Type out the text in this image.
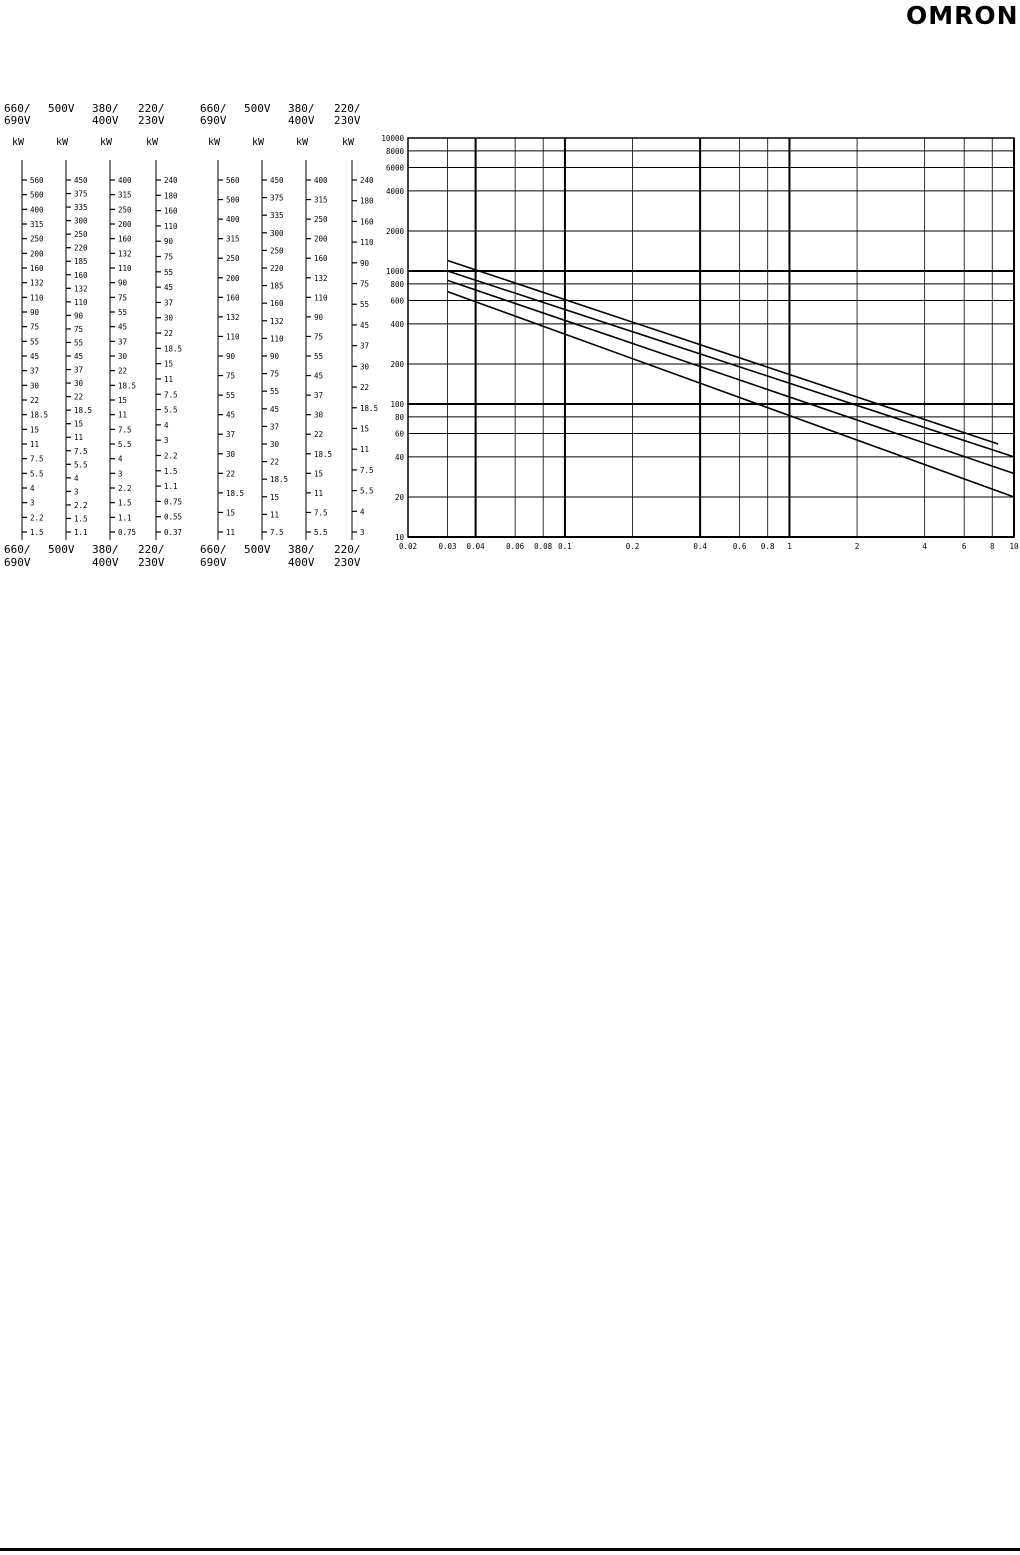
OMRON
660/
690V
kW
560
500
400
315
250
200
160
132
110
90
75
55
45
37
30
22
18.5
15
11
7.5
5.5
4
3
2.2
1.5
660/
690V
500V
kW
450
375
335
300
250
220
185
160
132
110
90
75
55
45
37
30
22
18.5
15
11
7.5
5.5
4
3
2.2
1.5
1.1
500V
380/
400V
kW
400
315
250
200
160
132
110
90
75
55
45
37
30
22
18.5
15
11
7.5
5.5
4
3
2.2
1.5
1.1
0.75
380/
400V
220/
230V
kW
240
180
160
110
90
75
55
45
37
30
22
18.5
15
11
7.5
5.5
4
3
2.2
1.5
1.1
0.75
0.55
0.37
220/
230V
660/
690V
kW
560
500
400
315
250
200
160
132
110
90
75
55
45
37
30
22
18.5
15
11
660/
690V
500V
kW
450
375
335
300
250
220
185
160
132
110
90
75
55
45
37
30
22
18.5
15
11
7.5
500V
380/
400V
kW
400
315
250
200
160
132
110
90
75
55
45
37
30
22
18.5
15
11
7.5
5.5
380/
400V
220/
230V
kW
240
180
160
110
90
75
55
45
37
30
22
18.5
15
11
7.5
5.5
4
3
220/
230V
0.02	0.03 0.04	0.06 0.08 0.1	0.2	0.4	0.6 0.8 1	2	4	6	8 10
10000
8000
6000
4000
2000
1000
800
600
400
200
100
80
60
40
20
10
